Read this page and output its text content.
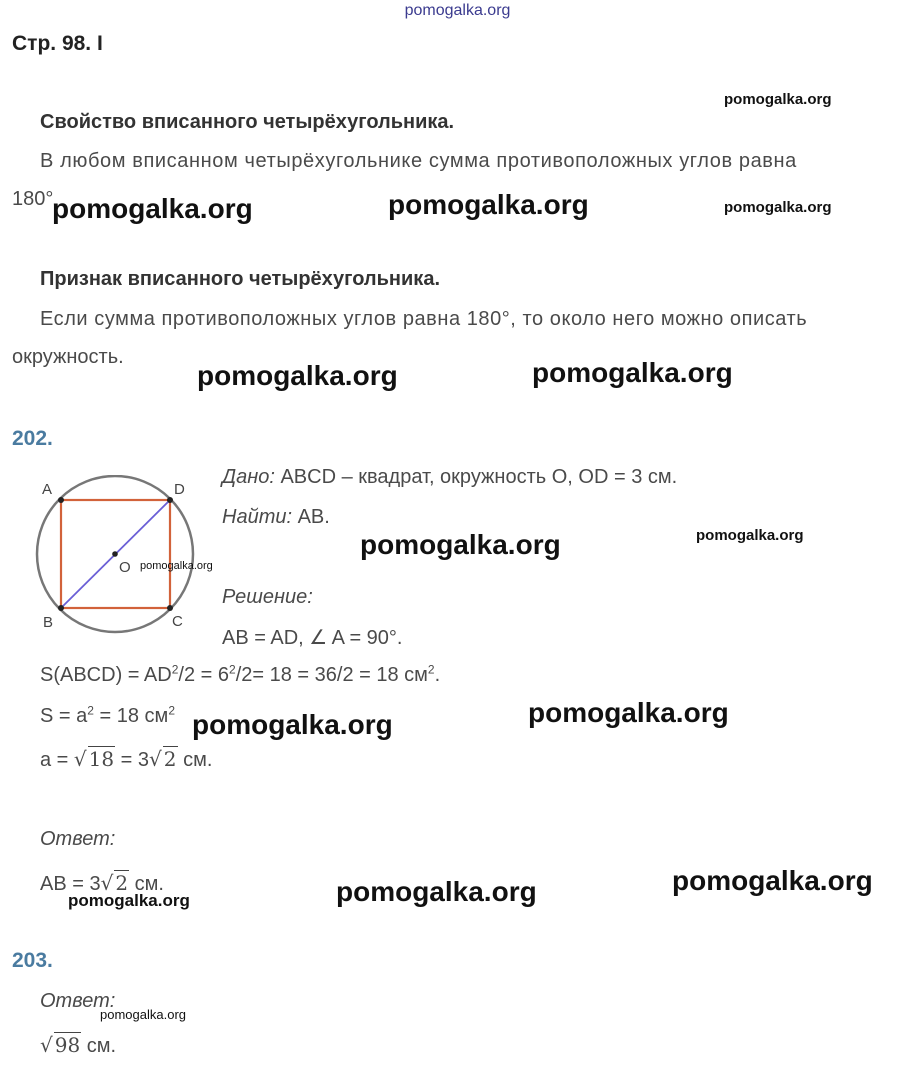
pomogalka.org
Стр. 98. I
Свойство вписанного четырёхугольника.
В любом вписанном четырёхугольнике сумма противоположных углов равна
180°
Признак вписанного четырёхугольника.
Если сумма противоположных углов равна 180°, то около него можно описать
окружность.
202.
A	D
B	C
O
Дано: ABCD – квадрат, окружность О, OD = 3 см.
Найти: AB.
Решение:
AB = AD, ∠ A = 90°.
S(ABCD) = $AD^2/2 = 6^2/2= 18 = 36/2 = 18$ $см^2$.
$S = a^2 = 18$ $см^2$
a = √ 18 = 3√ 2 см.
Ответ:
AB = 3√ 2 см.
203.
Ответ:
√ 98 см.
pomogalka.org
pomogalka.org	pomogalka.org	pomogalka.org
pomogalka.org	pomogalka.org
pomogalka.org	pomogalka.org
pomogalka.org
pomogalka.org	pomogalka.org
pomogalka.org	pomogalka.org
pomogalka.org
pomogalka.org
